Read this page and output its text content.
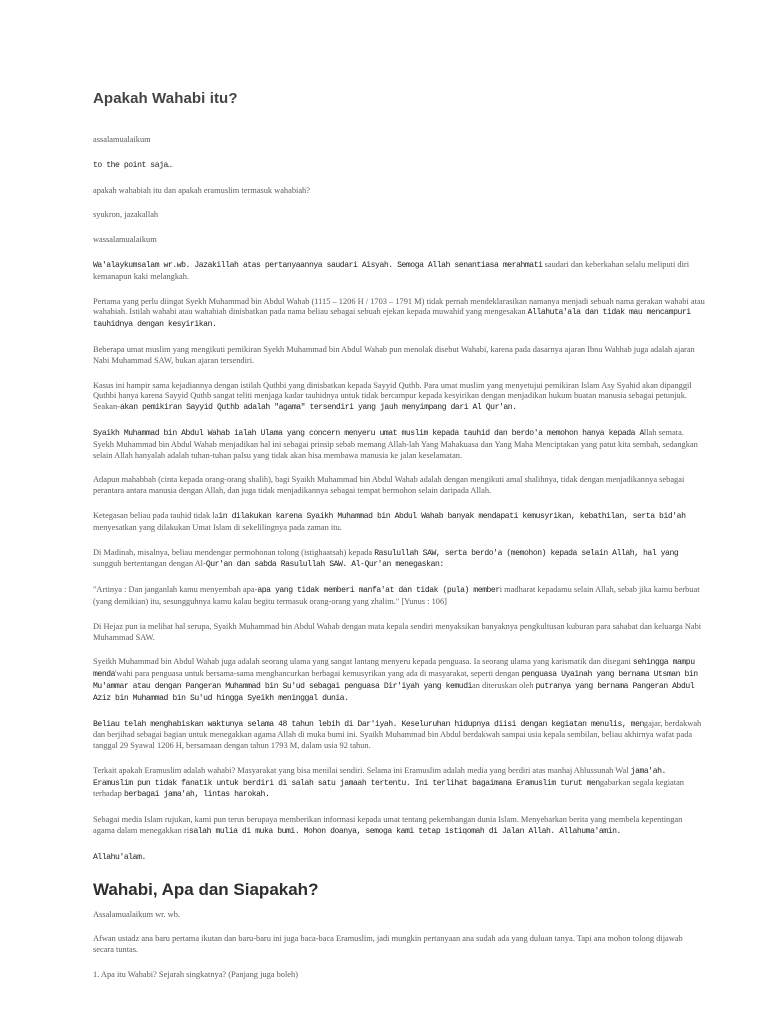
Apakah Wahabi itu?

assalamualaikum

to the point saja…

apakah wahabiah itu dan apakah eramuslim termasuk wahabiah?

syukron, jazakallah

wassalamualaikum

Wa'alaykumsalam wr.wb. Jazakillah atas pertanyaannya saudari Aisyah. Semoga Allah senantiasa merahmati saudari dan keberkahan selalu meliputi diri kemanapun kaki melangkah.

Pertama yang perlu diingat Syekh Muhammad bin Abdul Wahab (1115 – 1206 H / 1703 – 1791 M) tidak pernah mendeklarasikan namanya menjadi sebuah nama gerakan wahabi atau wahabiah. Istilah wahabi atau wahabiah dinisbatkan pada nama beliau sebagai sebuah ejekan kepada muwahid yang mengesakan Allahuta'ala dan tidak mau mencampuri tauhidnya dengan kesyirikan.

Beberapa umat muslim yang mengikuti pemikiran Syekh Muhammad bin Abdul Wahab pun menolak disebut Wahabi, karena pada dasarnya ajaran Ibnu Wahhab juga adalah ajaran Nabi Muhammad SAW, bukan ajaran tersendiri.

Kasus ini hampir sama kejadiannya dengan istilah Quthbi yang dinisbatkan kepada Sayyid Quthb. Para umat muslim yang menyetujui pemikiran Islam Asy Syahid akan dipanggil Quthbi hanya karena Sayyid Quthb sangat teliti menjaga kadar tauhidnya untuk tidak bercampur kepada kesyirikan dengan menjadikan hukum buatan manusia sebagai petunjuk. Seakan-akan pemikiran Sayyid Quthb adalah "agama" tersendiri yang jauh menyimpang dari Al Qur'an.

Syaikh Muhammad bin Abdul Wahab ialah Ulama yang concern menyeru umat muslim kepada tauhid dan berdo'a memohon hanya kepada Allah semata. Syekh Muhammad bin Abdul Wahab menjadikan hal ini sebagai prinsip sebab memang Allah-lah Yang Mahakuasa dan Yang Maha Menciptakan yang patut kita sembah, sedangkan selain Allah hanyalah adalah tuhan-tuhan palsu yang tidak akan bisa membawa manusia ke jalan keselamatan.

Adapun mahabbah (cinta kepada orang-orang shalih), bagi Syaikh Muhammad bin Abdul Wahab adalah dengan mengikuti amal shalihnya, tidak dengan menjadikannya sebagai perantara antara manusia dengan Allah, dan juga tidak menjadikannya sebagai tempat bermohon selain daripada Allah.

Ketegasan beliau pada tauhid tidak lain dilakukan karena Syaikh Muhammad bin Abdul Wahab banyak mendapati kemusyrikan, kebathilan, serta bid'ah menyesatkan yang dilakukan Umat Islam di sekelilingnya pada zaman itu.

Di Madinah, misalnya, beliau mendengar permohonan tolong (istighaatsah) kepada Rasulullah SAW, serta berdo'a (memohon) kepada selain Allah, hal yang sungguh bertentangan dengan Al-Qur'an dan sabda Rasulullah SAW. Al-Qur'an menegaskan:

"Artinya : Dan janganlah kamu menyembah apa-apa yang tidak memberi manfa'at dan tidak (pula) memberi madharat kepadamu selain Allah, sebab jika kamu berbuat (yang demikian) itu, sesungguhnya kamu kalau begitu termasuk orang-orang yang zhalim." [Yunus : 106]

Di Hejaz pun ia melihat hal serupa, Syaikh Muhammad bin Abdul Wahab dengan mata kepala sendiri menyaksikan banyaknya pengkultusan kuburan para sahabat dan keluarga Nabi Muhammad SAW.

Syeikh Muhammad bin Abdul Wahab juga adalah seorang ulama yang sangat lantang menyeru kepada penguasa. Ia seorang ulama yang karismatik dan disegani sehingga mampu menda'wahi para penguasa untuk bersama-sama menghancurkan berbagai kemusyrikan yang ada di masyarakat, seperti dengan penguasa Uyainah yang bernama Utsman bin Mu'ammar atau dengan Pangeran Muhammad bin Su'ud sebagai penguasa Dir'iyah yang kemudian diteruskan oleh putranya yang bernama Pangeran Abdul Aziz bin Muhammad bin Su'ud hingga Syeikh meninggal dunia.

Beliau telah menghabiskan waktunya selama 48 tahun lebih di Dar'iyah. Keseluruhan hidupnya diisi dengan kegiatan menulis, mengajar, berdakwah dan berjihad sebagai bagian untuk menegakkan agama Allah di muka bumi ini. Syaikh Muhammad bin Abdul berdakwah sampai usia kepala sembilan, beliau akhirnya wafat pada tanggal 29 Syawal 1206 H, bersamaan dengan tahun 1793 M, dalam usia 92 tahun.

Terkait apakah Eramuslim adalah wahabi? Masyarakat yang bisa menilai sendiri. Selama ini Eramuslim adalah media yang berdiri atas manhaj Ahlussunah Wal jama'ah. Eramuslim pun tidak fanatik untuk berdiri di salah satu jamaah tertentu. Ini terlihat bagaimana Eramuslim turut mengabarkan segala kegiatan terhadap berbagai jama'ah, lintas harokah.

Sebagai media Islam rujukan, kami pun terus berupaya memberikan informasi kepada umat tentang pekembangan dunia Islam. Menyebarkan berita yang membela kepentingan agama dalam menegakkan risalah mulia di muka bumi. Mohon doanya, semoga kami tetap istiqomah di Jalan Allah. Allahuma'amin.

Allahu'alam.

Wahabi, Apa dan Siapakah?

Assalamualaikum wr. wb.

Afwan ustadz ana baru pertama ikutan dan baru-baru ini juga baca-baca Eramuslim, jadi mungkin pertanyaan ana sudah ada yang duluan tanya. Tapi ana mohon tolong dijawab secara tuntas.

1. Apa itu Wahabi? Sejarah singkatnya? (Panjang juga boleh)
